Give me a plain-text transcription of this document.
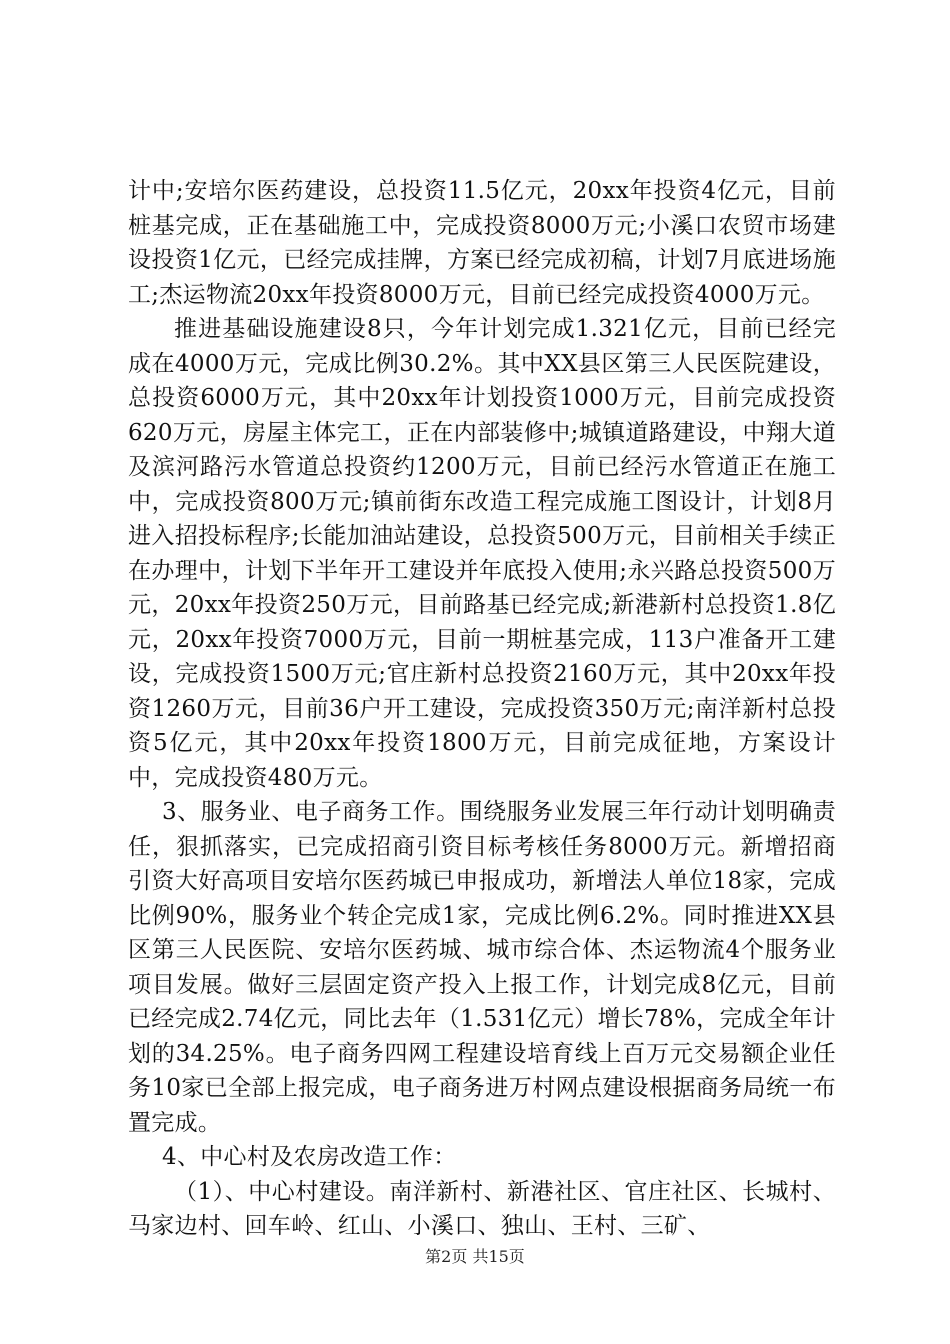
计中;安培尔医药建设，总投资11.5亿元，20xx年投资4亿元，目前桩基完成，正在基础施工中，完成投资8000万元;小溪口农贸市场建设投资1亿元，已经完成挂牌，方案已经完成初稿，计划7月底进场施工;杰运物流20xx年投资8000万元，目前已经完成投资4000万元。

推进基础设施建设8只，今年计划完成1.321亿元，目前已经完成在4000万元，完成比例30.2%。其中XX县区第三人民医院建设，总投资6000万元，其中20xx年计划投资1000万元，目前完成投资620万元，房屋主体完工，正在内部装修中;城镇道路建设，中翔大道及滨河路污水管道总投资约1200万元，目前已经污水管道正在施工中，完成投资800万元;镇前街东改造工程完成施工图设计，计划8月进入招投标程序;长能加油站建设，总投资500万元，目前相关手续正在办理中，计划下半年开工建设并年底投入使用;永兴路总投资500万元，20xx年投资250万元，目前路基已经完成;新港新村总投资1.8亿元，20xx年投资7000万元，目前一期桩基完成，113户准备开工建设，完成投资1500万元;官庄新村总投资2160万元，其中20xx年投资1260万元，目前36户开工建设，完成投资350万元;南洋新村总投资5亿元，其中20xx年投资1800万元，目前完成征地，方案设计中，完成投资480万元。

3、服务业、电子商务工作。围绕服务业发展三年行动计划明确责任，狠抓落实，已完成招商引资目标考核任务8000万元。新增招商引资大好高项目安培尔医药城已申报成功，新增法人单位18家，完成比例90%，服务业个转企完成1家，完成比例6.2%。同时推进XX县区第三人民医院、安培尔医药城、城市综合体、杰运物流4个服务业项目发展。做好三层固定资产投入上报工作，计划完成8亿元，目前已经完成2.74亿元，同比去年（1.531亿元）增长78%，完成全年计划的34.25%。电子商务四网工程建设培育线上百万元交易额企业任务10家已全部上报完成，电子商务进万村网点建设根据商务局统一布置完成。

4、中心村及农房改造工作：

（1）、中心村建设。南洋新村、新港社区、官庄社区、长城村、马家边村、回车岭、红山、小溪口、独山、王村、三矿、

第2页 共15页
